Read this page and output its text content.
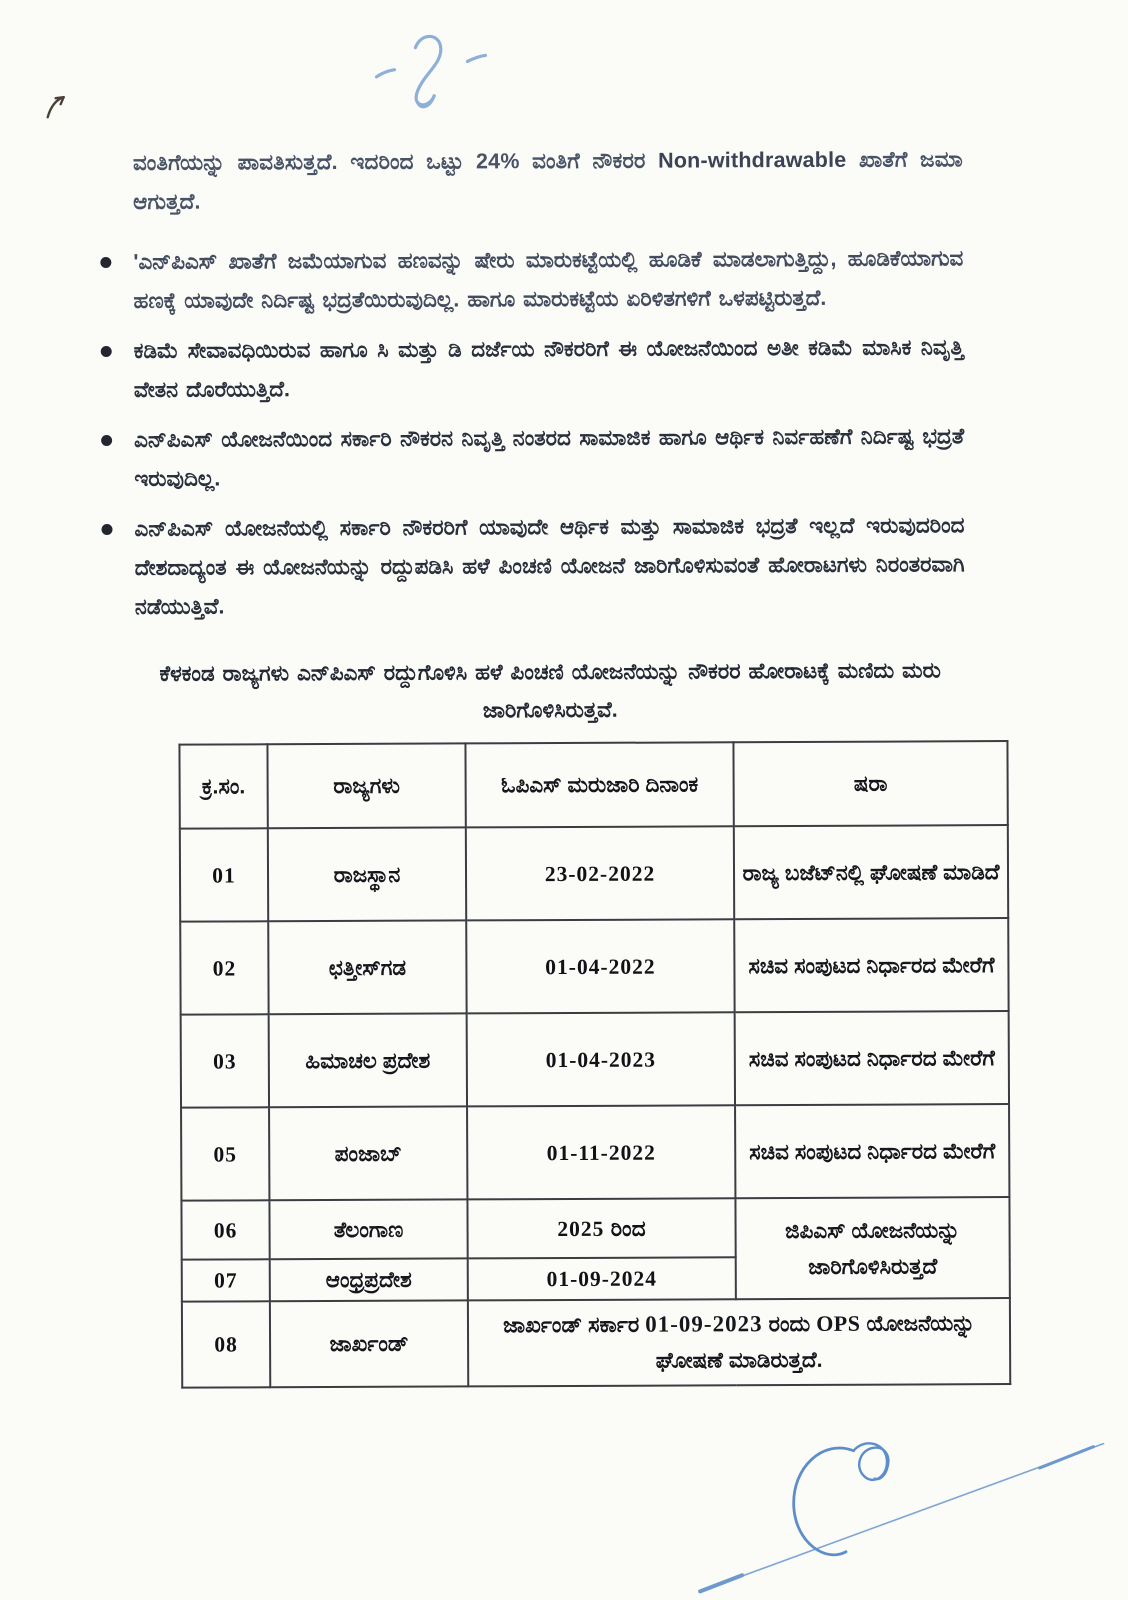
ವಂತಿಗೆಯನ್ನು ಪಾವತಿಸುತ್ತದೆ. ಇದರಿಂದ ಒಟ್ಟು 24% ವಂತಿಗೆ ನೌಕರರ Non-withdrawable ಖಾತೆಗೆ ಜಮಾ ಆಗುತ್ತದೆ.

'ಎನ್‌ಪಿಎಸ್ ಖಾತೆಗೆ ಜಮೆಯಾಗುವ ಹಣವನ್ನು ಷೇರು ಮಾರುಕಟ್ಟೆಯಲ್ಲಿ ಹೂಡಿಕೆ ಮಾಡಲಾಗುತ್ತಿದ್ದು, ಹೂಡಿಕೆಯಾಗುವ ಹಣಕ್ಕೆ ಯಾವುದೇ ನಿರ್ದಿಷ್ಟ ಭದ್ರತೆಯಿರುವುದಿಲ್ಲ. ಹಾಗೂ ಮಾರುಕಟ್ಟೆಯ ಏರಿಳಿತಗಳಿಗೆ ಒಳಪಟ್ಟಿರುತ್ತದೆ.
ಕಡಿಮೆ ಸೇವಾವಧಿಯಿರುವ ಹಾಗೂ ಸಿ ಮತ್ತು ಡಿ ದರ್ಜೆಯ ನೌಕರರಿಗೆ ಈ ಯೋಜನೆಯಿಂದ ಅತೀ ಕಡಿಮೆ ಮಾಸಿಕ ನಿವೃತ್ತಿ ವೇತನ ದೊರೆಯುತ್ತಿದೆ.
ಎನ್‌ಪಿಎಸ್ ಯೋಜನೆಯಿಂದ ಸರ್ಕಾರಿ ನೌಕರನ ನಿವೃತ್ತಿ ನಂತರದ ಸಾಮಾಜಿಕ ಹಾಗೂ ಆರ್ಥಿಕ ನಿರ್ವಹಣೆಗೆ ನಿರ್ದಿಷ್ಟ ಭದ್ರತೆ ಇರುವುದಿಲ್ಲ.
ಎನ್‌ಪಿಎಸ್ ಯೋಜನೆಯಲ್ಲಿ ಸರ್ಕಾರಿ ನೌಕರರಿಗೆ ಯಾವುದೇ ಆರ್ಥಿಕ ಮತ್ತು ಸಾಮಾಜಿಕ ಭದ್ರತೆ ಇಲ್ಲದೆ ಇರುವುದರಿಂದ ದೇಶದಾದ್ಯಂತ ಈ ಯೋಜನೆಯನ್ನು ರದ್ದುಪಡಿಸಿ ಹಳೆ ಪಿಂಚಣಿ ಯೋಜನೆ ಜಾರಿಗೊಳಿಸುವಂತೆ ಹೋರಾಟಗಳು ನಿರಂತರವಾಗಿ ನಡೆಯುತ್ತಿವೆ.
ಕೆಳಕಂಡ ರಾಜ್ಯಗಳು ಎನ್‌ಪಿಎಸ್ ರದ್ದುಗೊಳಿಸಿ ಹಳೆ ಪಿಂಚಣಿ ಯೋಜನೆಯನ್ನು ನೌಕರರ ಹೋರಾಟಕ್ಕೆ ಮಣಿದು ಮರು ಜಾರಿಗೊಳಿಸಿರುತ್ತವೆ.
ಕ್ರ.ಸಂ.	ರಾಜ್ಯಗಳು	ಓಪಿಎಸ್ ಮರುಜಾರಿ ದಿನಾಂಕ	ಷರಾ
01	ರಾಜಸ್ಥಾನ	23-02-2022	ರಾಜ್ಯ ಬಜೆಟ್‌ನಲ್ಲಿ ಘೋಷಣೆ ಮಾಡಿದೆ
02	ಛತ್ತೀಸ್‌ಗಡ	01-04-2022	ಸಚಿವ ಸಂಪುಟದ ನಿರ್ಧಾರದ ಮೇರೆಗೆ
03	ಹಿಮಾಚಲ ಪ್ರದೇಶ	01-04-2023	ಸಚಿವ ಸಂಪುಟದ ನಿರ್ಧಾರದ ಮೇರೆಗೆ
05	ಪಂಜಾಬ್	01-11-2022	ಸಚಿವ ಸಂಪುಟದ ನಿರ್ಧಾರದ ಮೇರೆಗೆ
06	ತೆಲಂಗಾಣ	2025 ರಿಂದ	ಜಿಪಿಎಸ್ ಯೋಜನೆಯನ್ನು ಜಾರಿಗೊಳಿಸಿರುತ್ತದೆ
07	ಆಂಧ್ರಪ್ರದೇಶ	01-09-2024	
08	ಜಾರ್ಖಂಡ್	ಜಾರ್ಖಂಡ್ ಸರ್ಕಾರ 01-09-2023 ರಂದು OPS ಯೋಜನೆಯನ್ನು ಘೋಷಣೆ ಮಾಡಿರುತ್ತದೆ.	
